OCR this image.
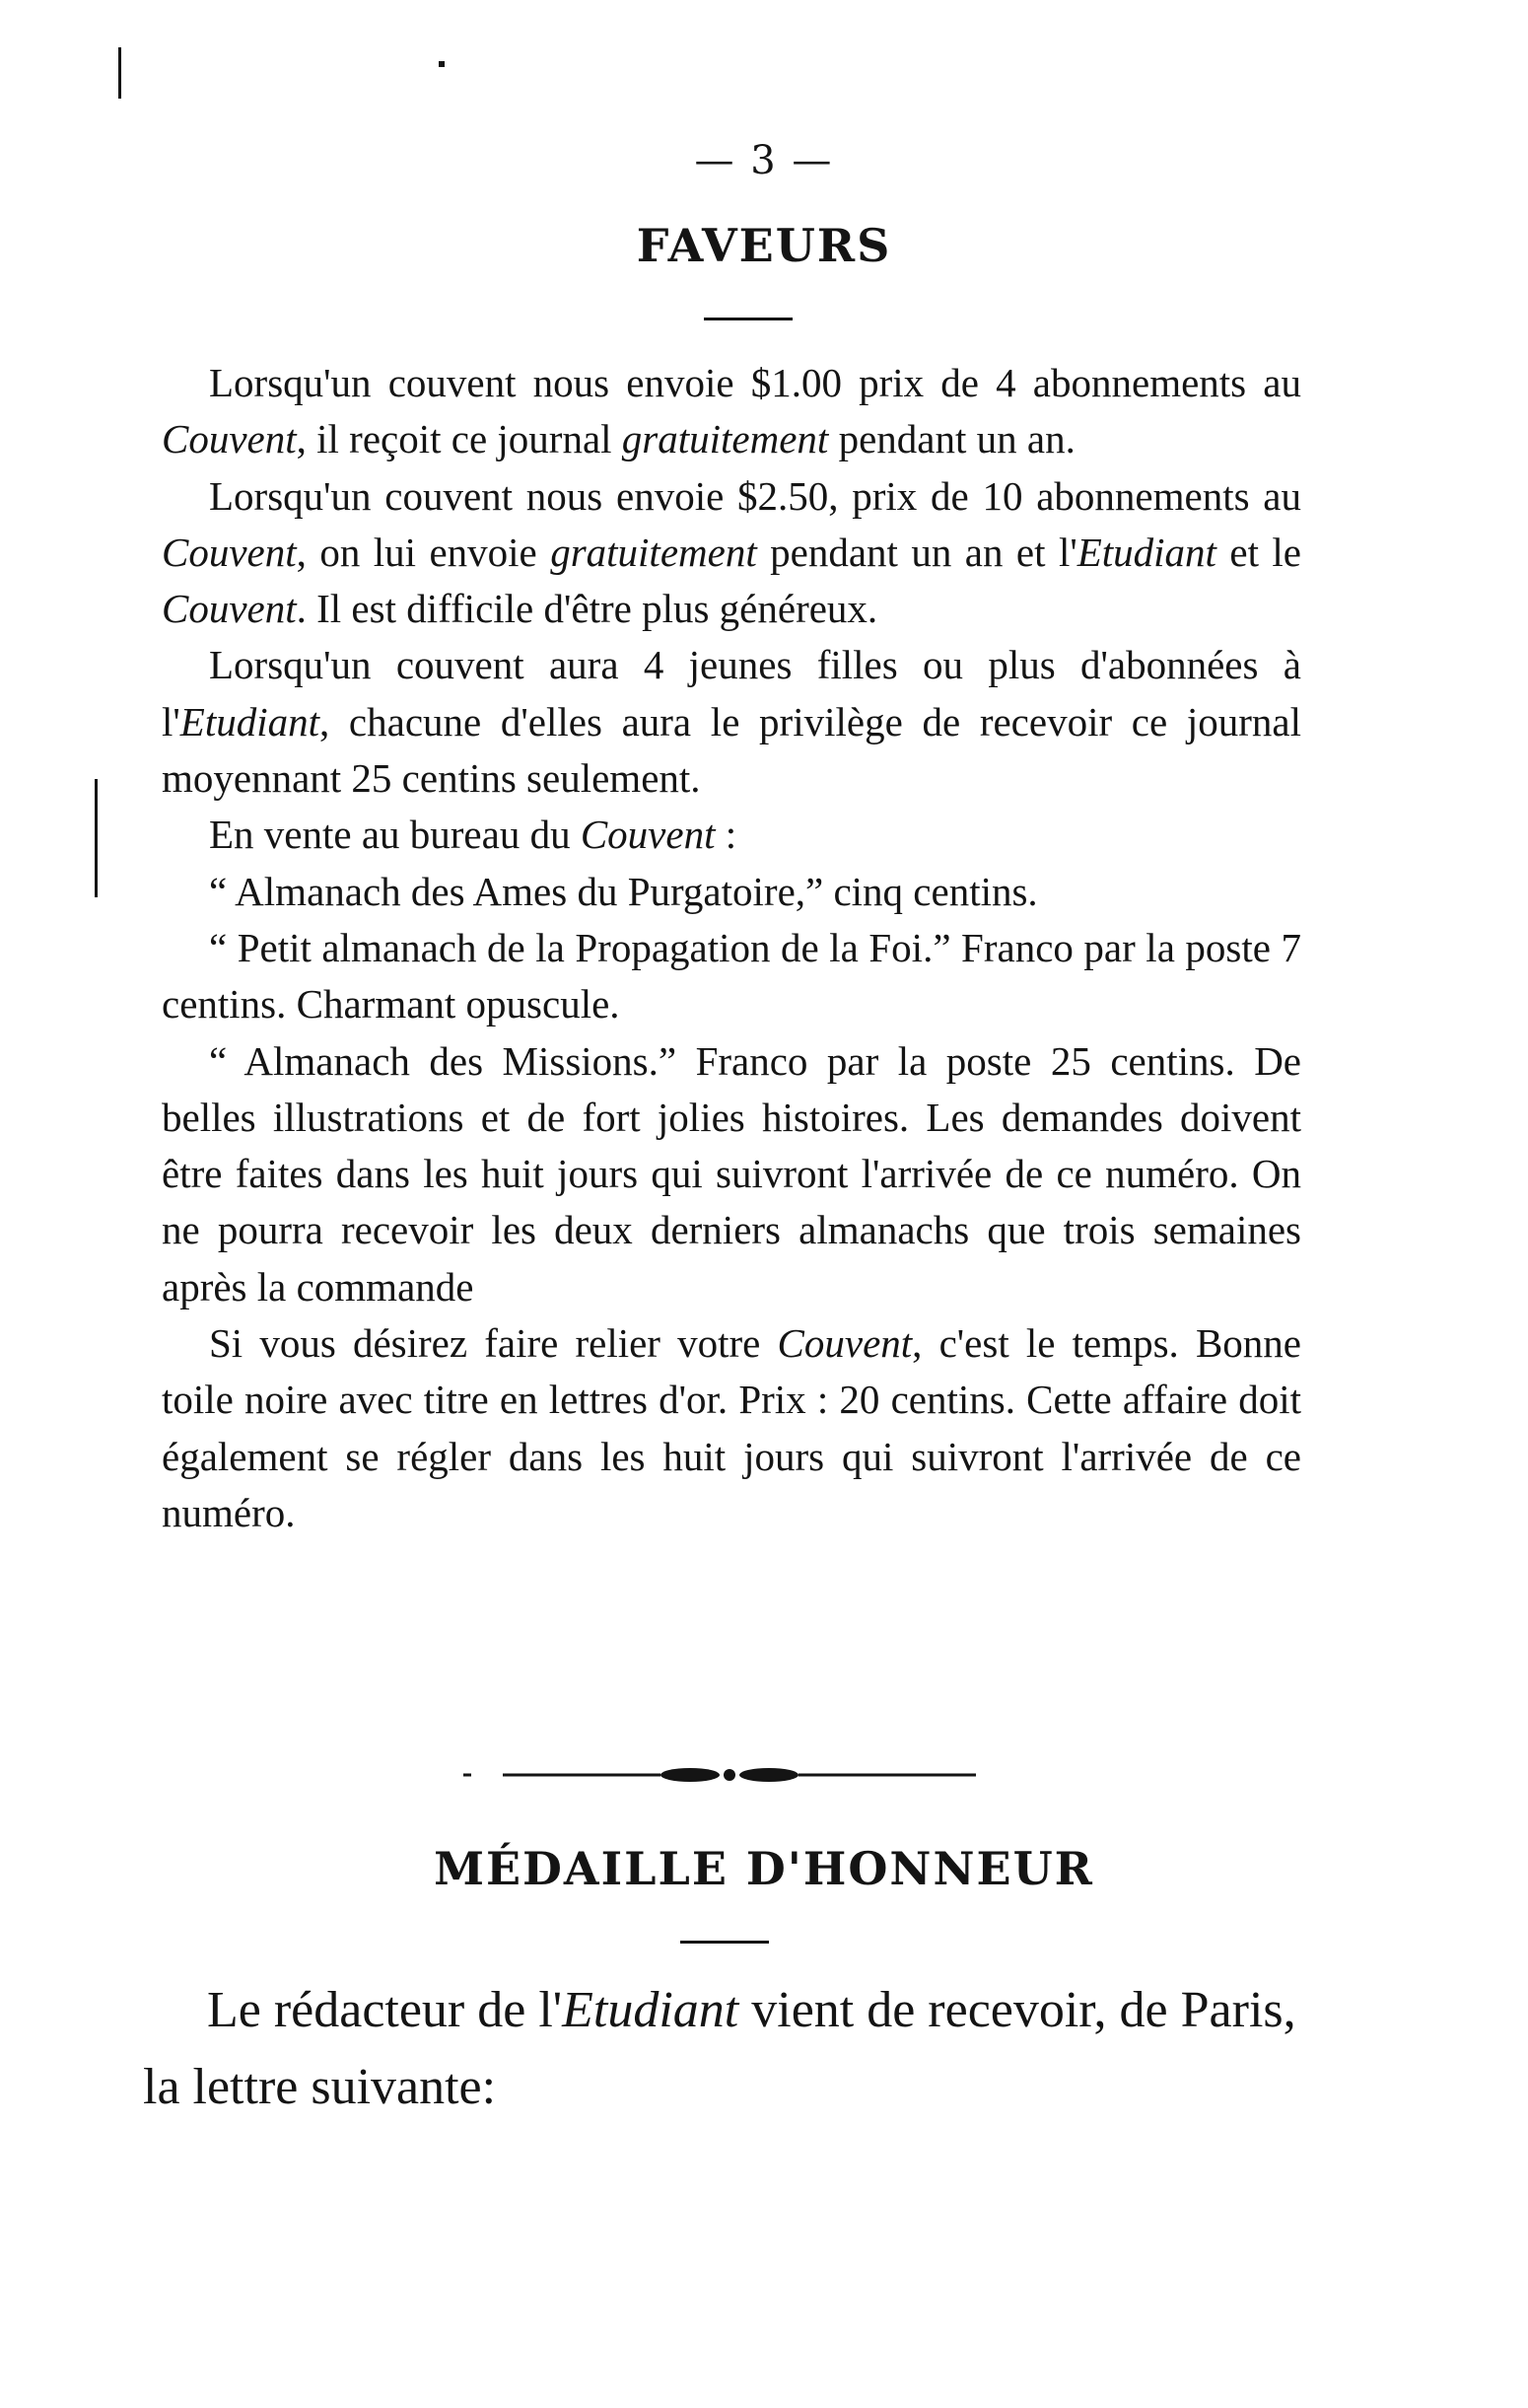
— 3 —
FAVEURS

Lorsqu'un couvent nous envoie $1.00 prix de 4 abonnements au Couvent, il reçoit ce journal gratuitement pendant un an.

Lorsqu'un couvent nous envoie $2.50, prix de 10 abonnements au Couvent, on lui envoie gratuitement pendant un an et l'Etudiant et le Couvent. Il est difficile d'être plus généreux.

Lorsqu'un couvent aura 4 jeunes filles ou plus d'abonnées à l'Etudiant, chacune d'elles aura le privilège de recevoir ce journal moyennant 25 centins seulement.

En vente au bureau du Couvent :

“ Almanach des Ames du Purgatoire,” cinq centins.

“ Petit almanach de la Propagation de la Foi.” Franco par la poste 7 centins. Charmant opuscule.

“ Almanach des Missions.” Franco par la poste 25 centins. De belles illustrations et de fort jolies histoires. Les demandes doivent être faites dans les huit jours qui suivront l'arrivée de ce numéro. On ne pourra recevoir les deux derniers almanachs que trois semaines après la commande

Si vous désirez faire relier votre Couvent, c'est le temps. Bonne toile noire avec titre en lettres d'or. Prix : 20 centins. Cette affaire doit également se régler dans les huit jours qui suivront l'arrivée de ce numéro.

MÉDAILLE D'HONNEUR

Le rédacteur de l'Etudiant vient de recevoir, de Paris, la lettre suivante:
